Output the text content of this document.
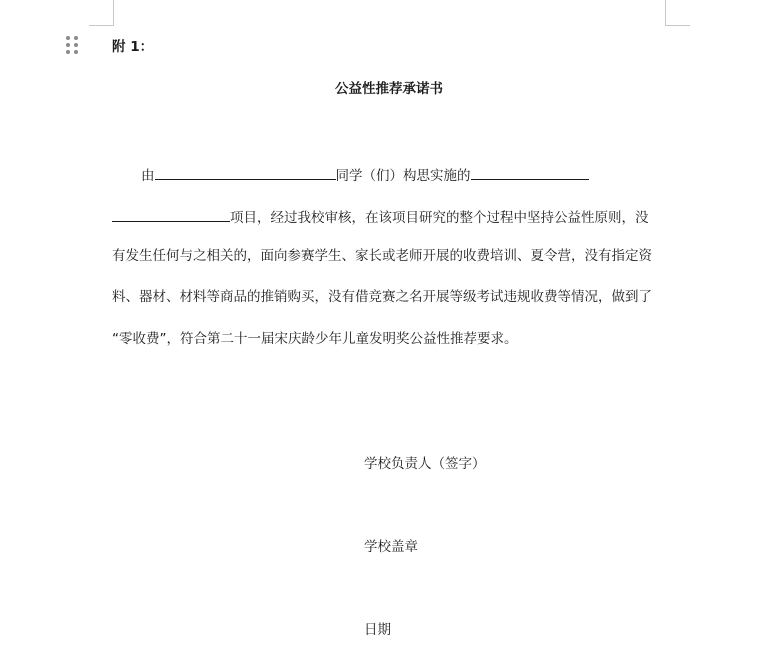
附 1：
公益性推荐承诺书
由	同学（们）构思实施的
项目，经过我校审核，在该项目研究的整个过程中坚持公益性原则，没
有发生任何与之相关的，面向参赛学生、家长或老师开展的收费培训、夏令营，没有指定资
料、器材、材料等商品的推销购买，没有借竞赛之名开展等级考试违规收费等情况，做到了
“零收费”，符合第二十一届宋庆龄少年儿童发明奖公益性推荐要求。
学校负责人（签字）
学校盖章
日期
